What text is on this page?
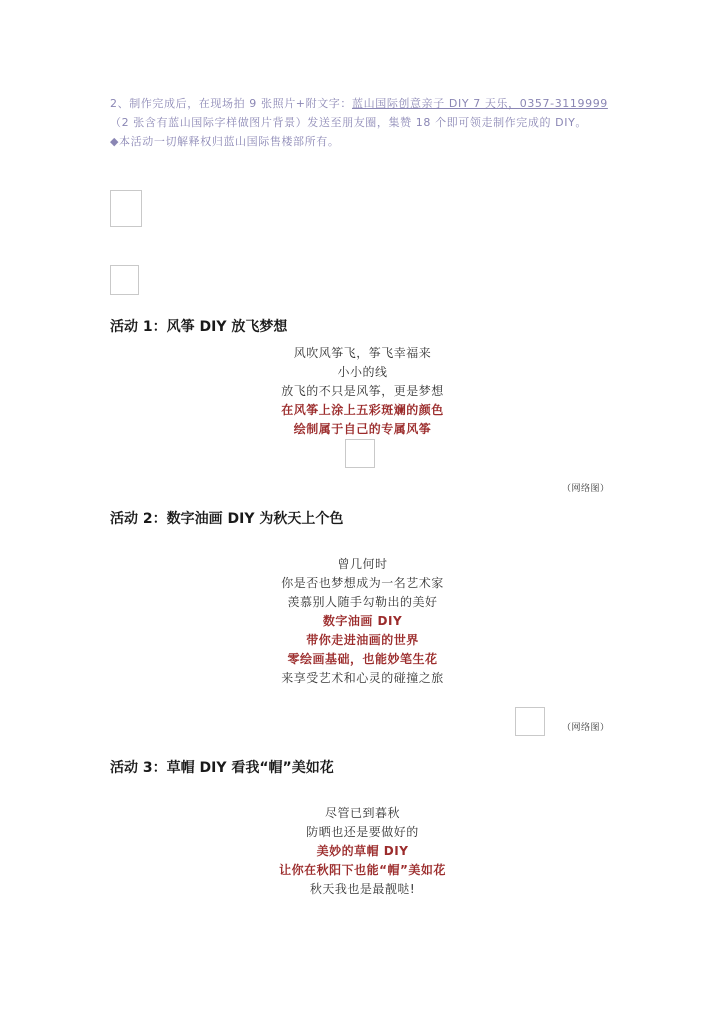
2、制作完成后，在现场拍 9 张照片+附文字：蓝山国际创意亲子 DIY 7 天乐，0357-3119999（2 张含有蓝山国际字样做图片背景）发送至朋友圈，集赞 18 个即可领走制作完成的 DIY。

◆本活动一切解释权归蓝山国际售楼部所有。

活动 1：风筝 DIY 放飞梦想
风吹风筝飞，筝飞幸福来
小小的线
放飞的不只是风筝，更是梦想
在风筝上涂上五彩斑斓的颜色
绘制属于自己的专属风筝
（网络图）
活动 2：数字油画 DIY 为秋天上个色
曾几何时
你是否也梦想成为一名艺术家
羡慕别人随手勾勒出的美好
数字油画 DIY
带你走进油画的世界
零绘画基础，也能妙笔生花
来享受艺术和心灵的碰撞之旅
（网络图）
活动 3：草帽 DIY 看我“帽”美如花
尽管已到暮秋
防晒也还是要做好的
美妙的草帽 DIY
让你在秋阳下也能“帽”美如花
秋天我也是最靓哒!
